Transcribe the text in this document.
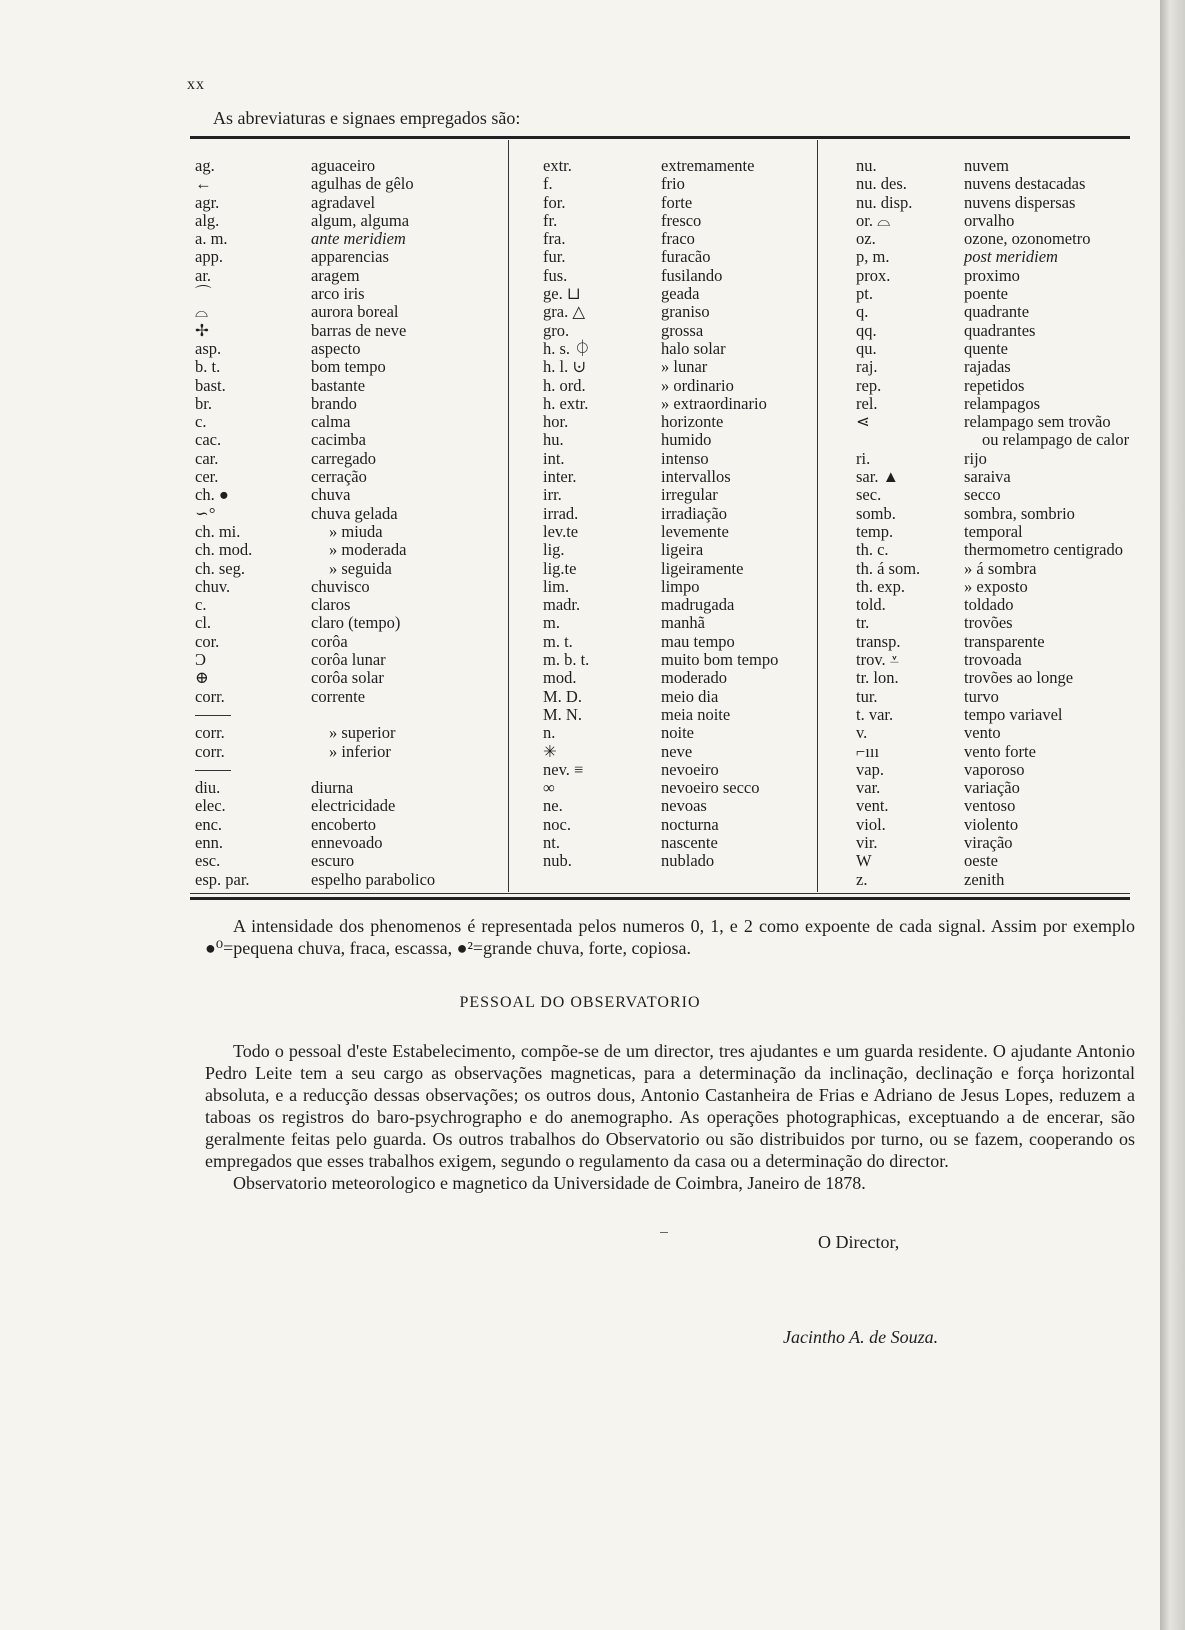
xx
As abreviaturas e signaes empregados são:
ag.	aguaceiro
←	agulhas de gêlo
agr.	agradavel
alg.	algum, alguma
a. m.	ante meridiem
app.	apparencias
ar.	aragem
⌒	arco iris
⌓	aurora boreal
✢	barras de neve
asp.	aspecto
b. t.	bom tempo
bast.	bastante
br.	brando
c.	calma
cac.	cacimba
car.	carregado
cer.	cerração
ch. ●	chuva
∽°	chuva gelada
ch. mi.	» miuda
ch. mod.	» moderada
ch. seg.	» seguida
chuv.	chuvisco
c.	claros
cl.	claro (tempo)
cor.	corôa
Ͻ	corôa lunar
⊕	corôa solar
corr.	corrente
corr.	» superior
corr.	» inferior
diu.	diurna
elec.	electricidade
enc.	encoberto
enn.	ennevoado
esc.	escuro
esp. par.	espelho parabolico
extr.	extremamente
f.	frio
for.	forte
fr.	fresco
fra.	fraco
fur.	furacão
fus.	fusilando
ge. ⊔	geada
gra. △	graniso
gro.	grossa
h. s. ⏀	halo solar
h. l. ⊍	» lunar
h. ord.	» ordinario
h. extr.	» extraordinario
hor.	horizonte
hu.	humido
int.	intenso
inter.	intervallos
irr.	irregular
irrad.	irradiação
lev.te	levemente
lig.	ligeira
lig.te	ligeiramente
lim.	limpo
madr.	madrugada
m.	manhã
m. t.	mau tempo
m. b. t.	muito bom tempo
mod.	moderado
M. D.	meio dia
M. N.	meia noite
n.	noite
✳	neve
nev. ≡	nevoeiro
∞	nevoeiro secco
ne.	nevoas
noc.	nocturna
nt.	nascente
nub.	nublado
nu.	nuvem
nu. des.	nuvens destacadas
nu. disp.	nuvens dispersas
or. ⌓	orvalho
oz.	ozone, ozonometro
p, m.	post meridiem
prox.	proximo
pt.	poente
q.	quadrante
qq.	quadrantes
qu.	quente
raj.	rajadas
rep.	repetidos
rel.	relampagos
⋖	relampago sem trovão
ou relampago de calor
ri.	rijo
sar. ▲	saraiva
sec.	secco
somb.	sombra, sombrio
temp.	temporal
th. c.	thermometro centigrado
th. á som.	» á sombra
th. exp.	» exposto
told.	toldado
tr.	trovões
transp.	transparente
trov. ⩡	trovoada
tr. lon.	trovões ao longe
tur.	turvo
t. var.	tempo variavel
v.	vento
⌐ııı	vento forte
vap.	vaporoso
var.	variação
vent.	ventoso
viol.	violento
vir.	viração
W	oeste
z.	zenith
A intensidade dos phenomenos é representada pelos numeros 0, 1, e 2 como expoente de cada signal. Assim por exemplo ●⁰=pequena chuva, fraca, escassa, ●²=grande chuva, forte, copiosa.
PESSOAL DO OBSERVATORIO

Todo o pessoal d'este Estabelecimento, compõe-se de um director, tres ajudantes e um guarda residente. O ajudante Antonio Pedro Leite tem a seu cargo as observações magneticas, para a determinação da inclinação, declinação e força horizontal absoluta, e a reducção dessas observações; os outros dous, Antonio Castanheira de Frias e Adriano de Jesus Lopes, reduzem a taboas os registros do baro-psychrographo e do anemographo. As operações photographicas, exceptuando a de encerar, são geralmente feitas pelo guarda. Os outros trabalhos do Observatorio ou são distribuidos por turno, ou se fazem, cooperando os empregados que esses trabalhos exigem, segundo o regulamento da casa ou a determinação do director.

Observatorio meteorologico e magnetico da Universidade de Coimbra, Janeiro de 1878.

O Director,
Jacintho A. de Souza.
